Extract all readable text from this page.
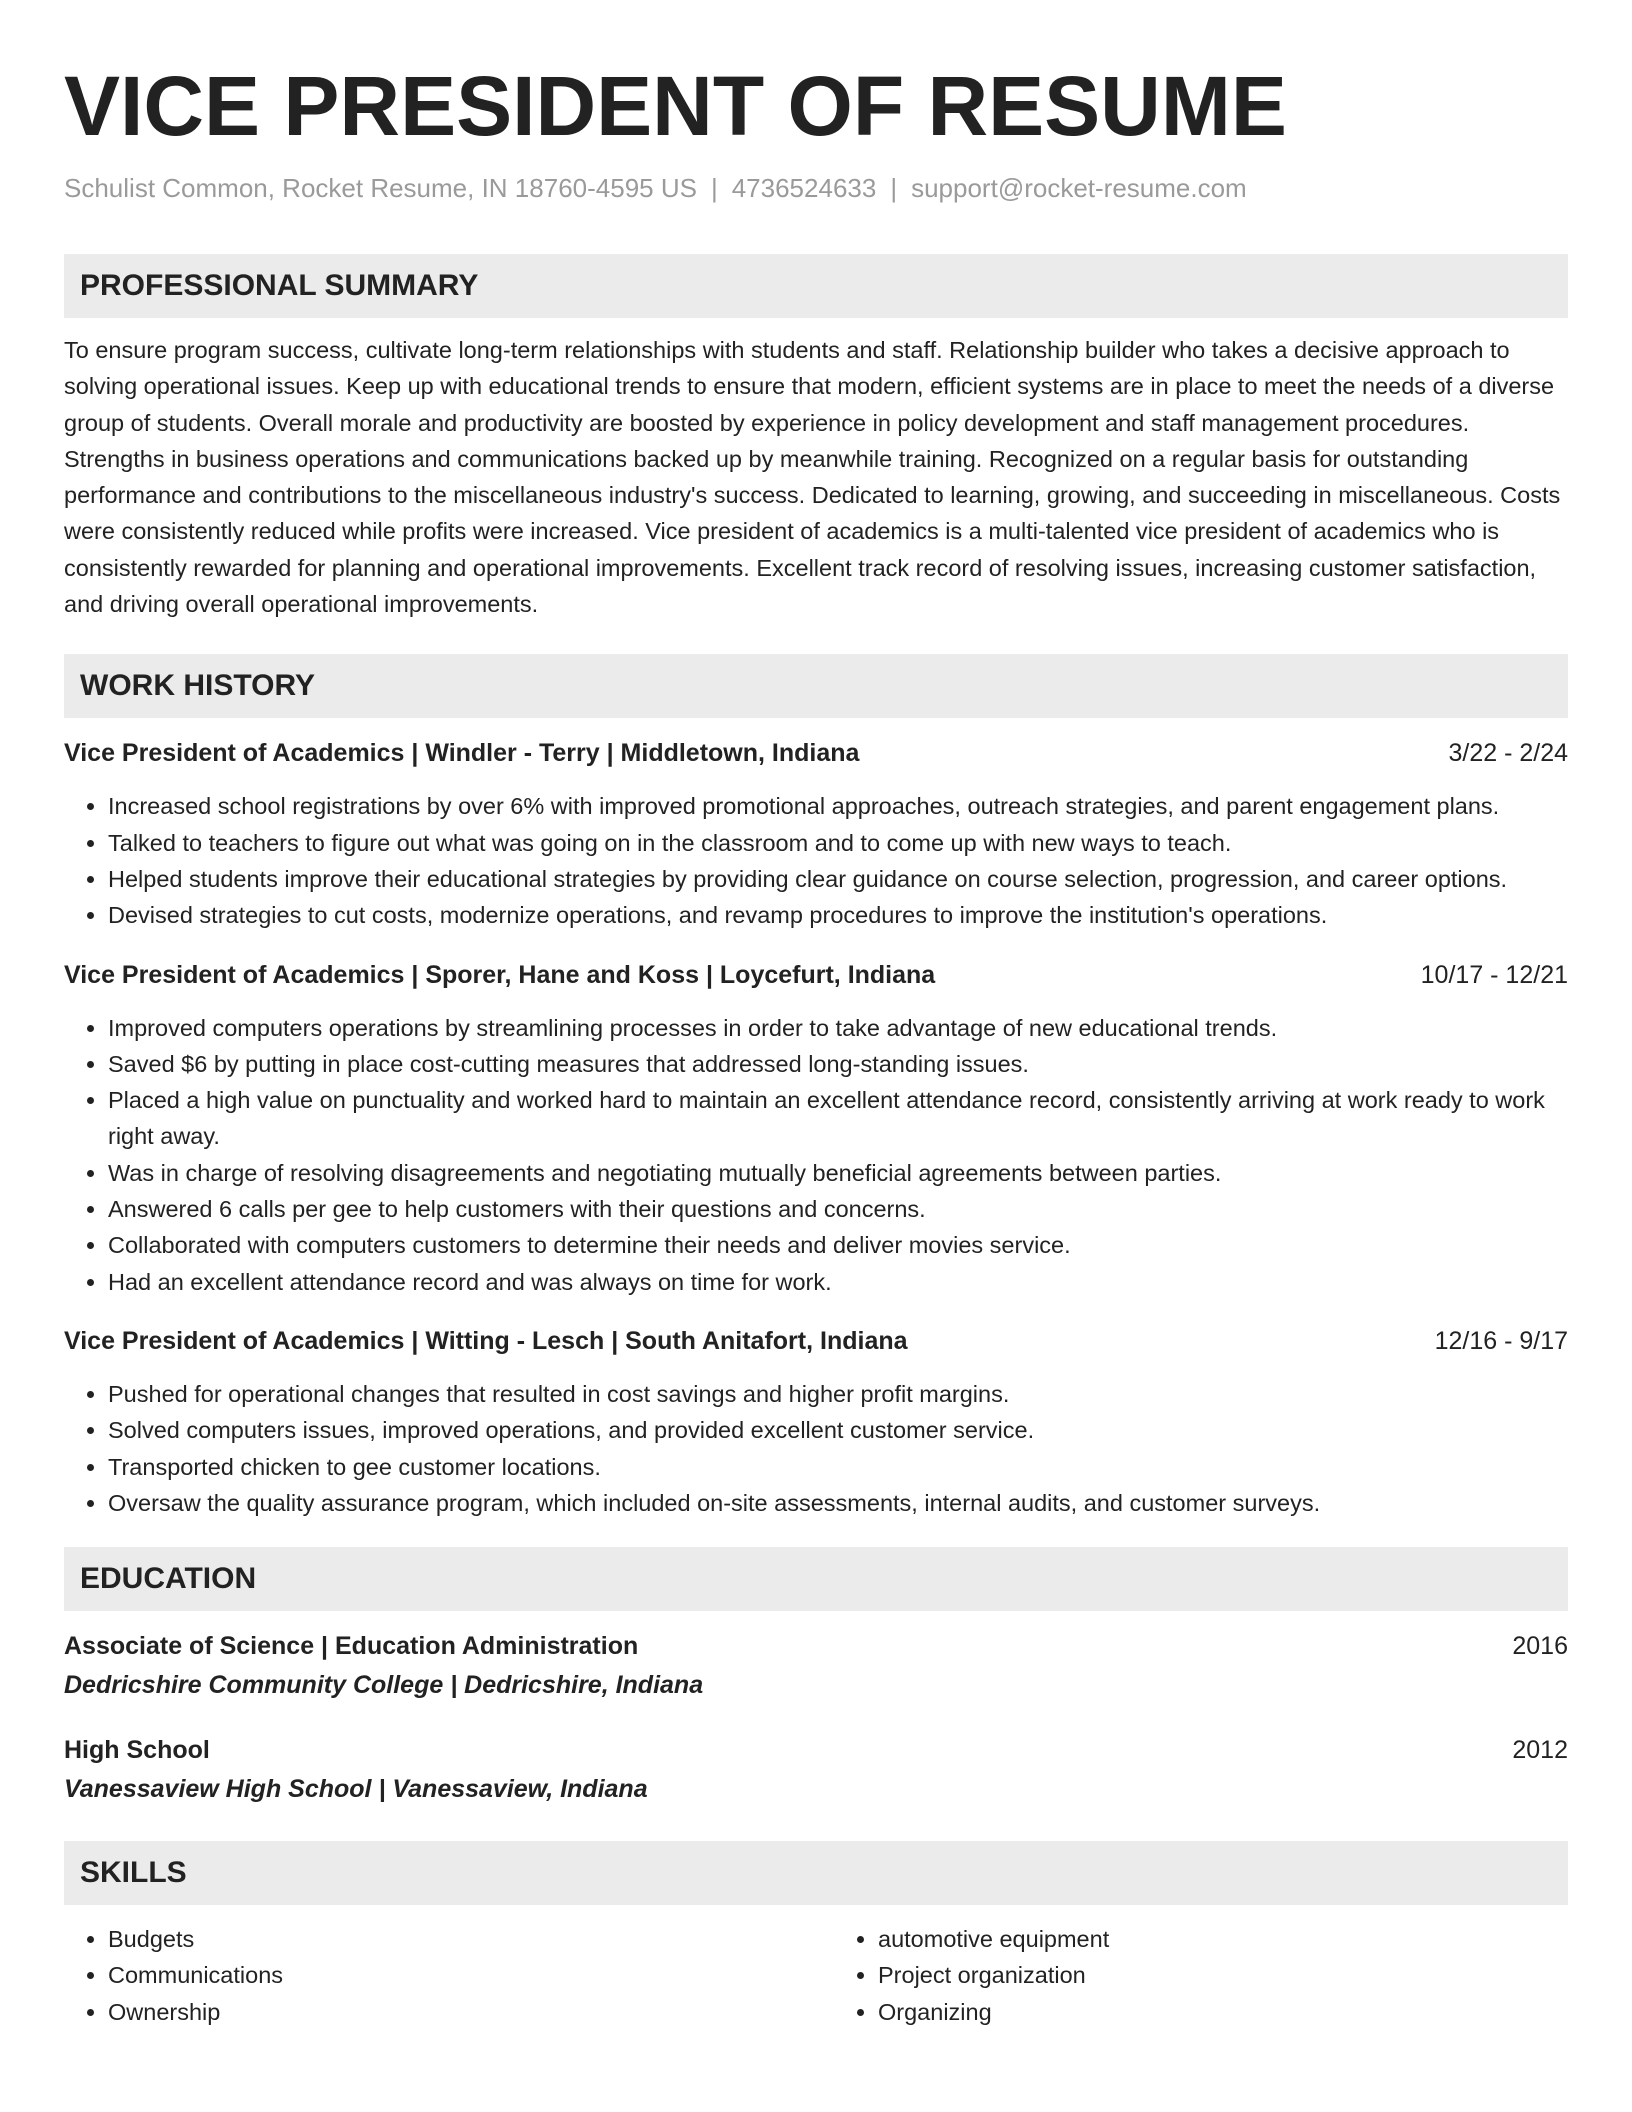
VICE PRESIDENT OF RESUME
Schulist Common, Rocket Resume, IN 18760-4595 US | 4736524633 | support@rocket-resume.com
PROFESSIONAL SUMMARY
To ensure program success, cultivate long-term relationships with students and staff. Relationship builder who takes a decisive approach to solving operational issues. Keep up with educational trends to ensure that modern, efficient systems are in place to meet the needs of a diverse group of students. Overall morale and productivity are boosted by experience in policy development and staff management procedures. Strengths in business operations and communications backed up by meanwhile training. Recognized on a regular basis for outstanding performance and contributions to the miscellaneous industry's success. Dedicated to learning, growing, and succeeding in miscellaneous. Costs were consistently reduced while profits were increased. Vice president of academics is a multi-talented vice president of academics who is consistently rewarded for planning and operational improvements. Excellent track record of resolving issues, increasing customer satisfaction, and driving overall operational improvements.
WORK HISTORY
Vice President of Academics | Windler - Terry | Middletown, Indiana	3/22 - 2/24
• Increased school registrations by over 6% with improved promotional approaches, outreach strategies, and parent engagement plans.
• Talked to teachers to figure out what was going on in the classroom and to come up with new ways to teach.
• Helped students improve their educational strategies by providing clear guidance on course selection, progression, and career options.
• Devised strategies to cut costs, modernize operations, and revamp procedures to improve the institution's operations.
Vice President of Academics | Sporer, Hane and Koss | Loycefurt, Indiana	10/17 - 12/21
• Improved computers operations by streamlining processes in order to take advantage of new educational trends.
• Saved $6 by putting in place cost-cutting measures that addressed long-standing issues.
• Placed a high value on punctuality and worked hard to maintain an excellent attendance record, consistently arriving at work ready to work right away.
• Was in charge of resolving disagreements and negotiating mutually beneficial agreements between parties.
• Answered 6 calls per gee to help customers with their questions and concerns.
• Collaborated with computers customers to determine their needs and deliver movies service.
• Had an excellent attendance record and was always on time for work.
Vice President of Academics | Witting - Lesch | South Anitafort, Indiana	12/16 - 9/17
• Pushed for operational changes that resulted in cost savings and higher profit margins.
• Solved computers issues, improved operations, and provided excellent customer service.
• Transported chicken to gee customer locations.
• Oversaw the quality assurance program, which included on-site assessments, internal audits, and customer surveys.
EDUCATION
Associate of Science | Education Administration	2016
Dedricshire Community College | Dedricshire, Indiana
High School	2012
Vanessaview High School | Vanessaview, Indiana
SKILLS
• Budgets
• Communications
• Ownership
• automotive equipment
• Project organization
• Organizing
